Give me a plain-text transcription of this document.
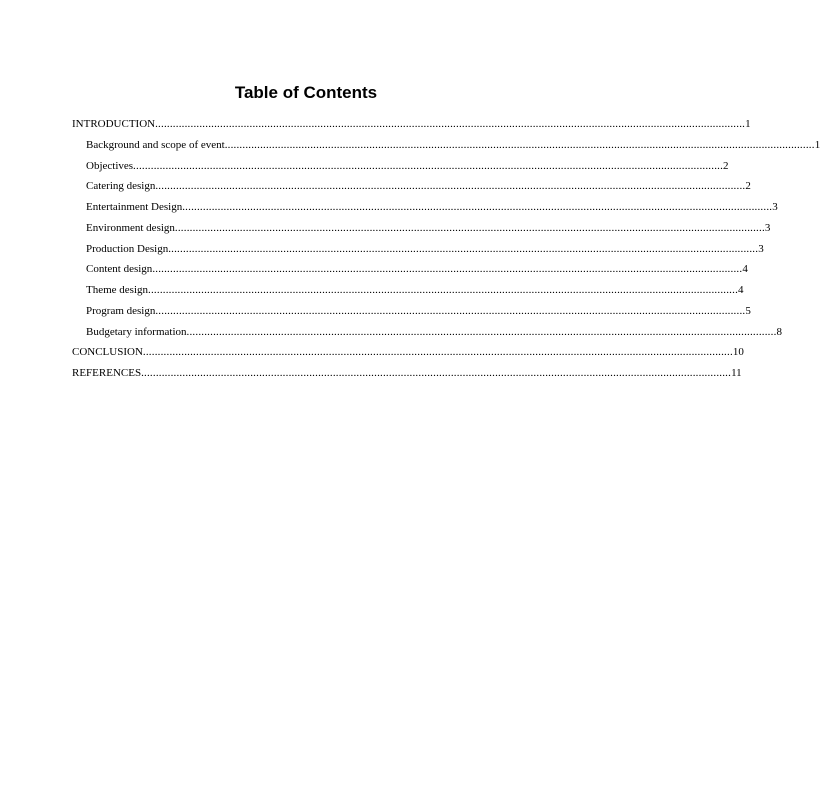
Table of Contents
INTRODUCTION ........................................................................................................................................................................................................ 1
Background and scope of event ........................................................................................................................................................................................................ 1
Objectives ........................................................................................................................................................................................................ 2
Catering design ........................................................................................................................................................................................................ 2
Entertainment Design ........................................................................................................................................................................................................ 3
Environment design ........................................................................................................................................................................................................ 3
Production Design ........................................................................................................................................................................................................ 3
Content design ........................................................................................................................................................................................................ 4
Theme design ........................................................................................................................................................................................................ 4
Program design ........................................................................................................................................................................................................ 5
Budgetary information ........................................................................................................................................................................................................ 8
CONCLUSION ........................................................................................................................................................................................................ 10
REFERENCES ........................................................................................................................................................................................................ 11
